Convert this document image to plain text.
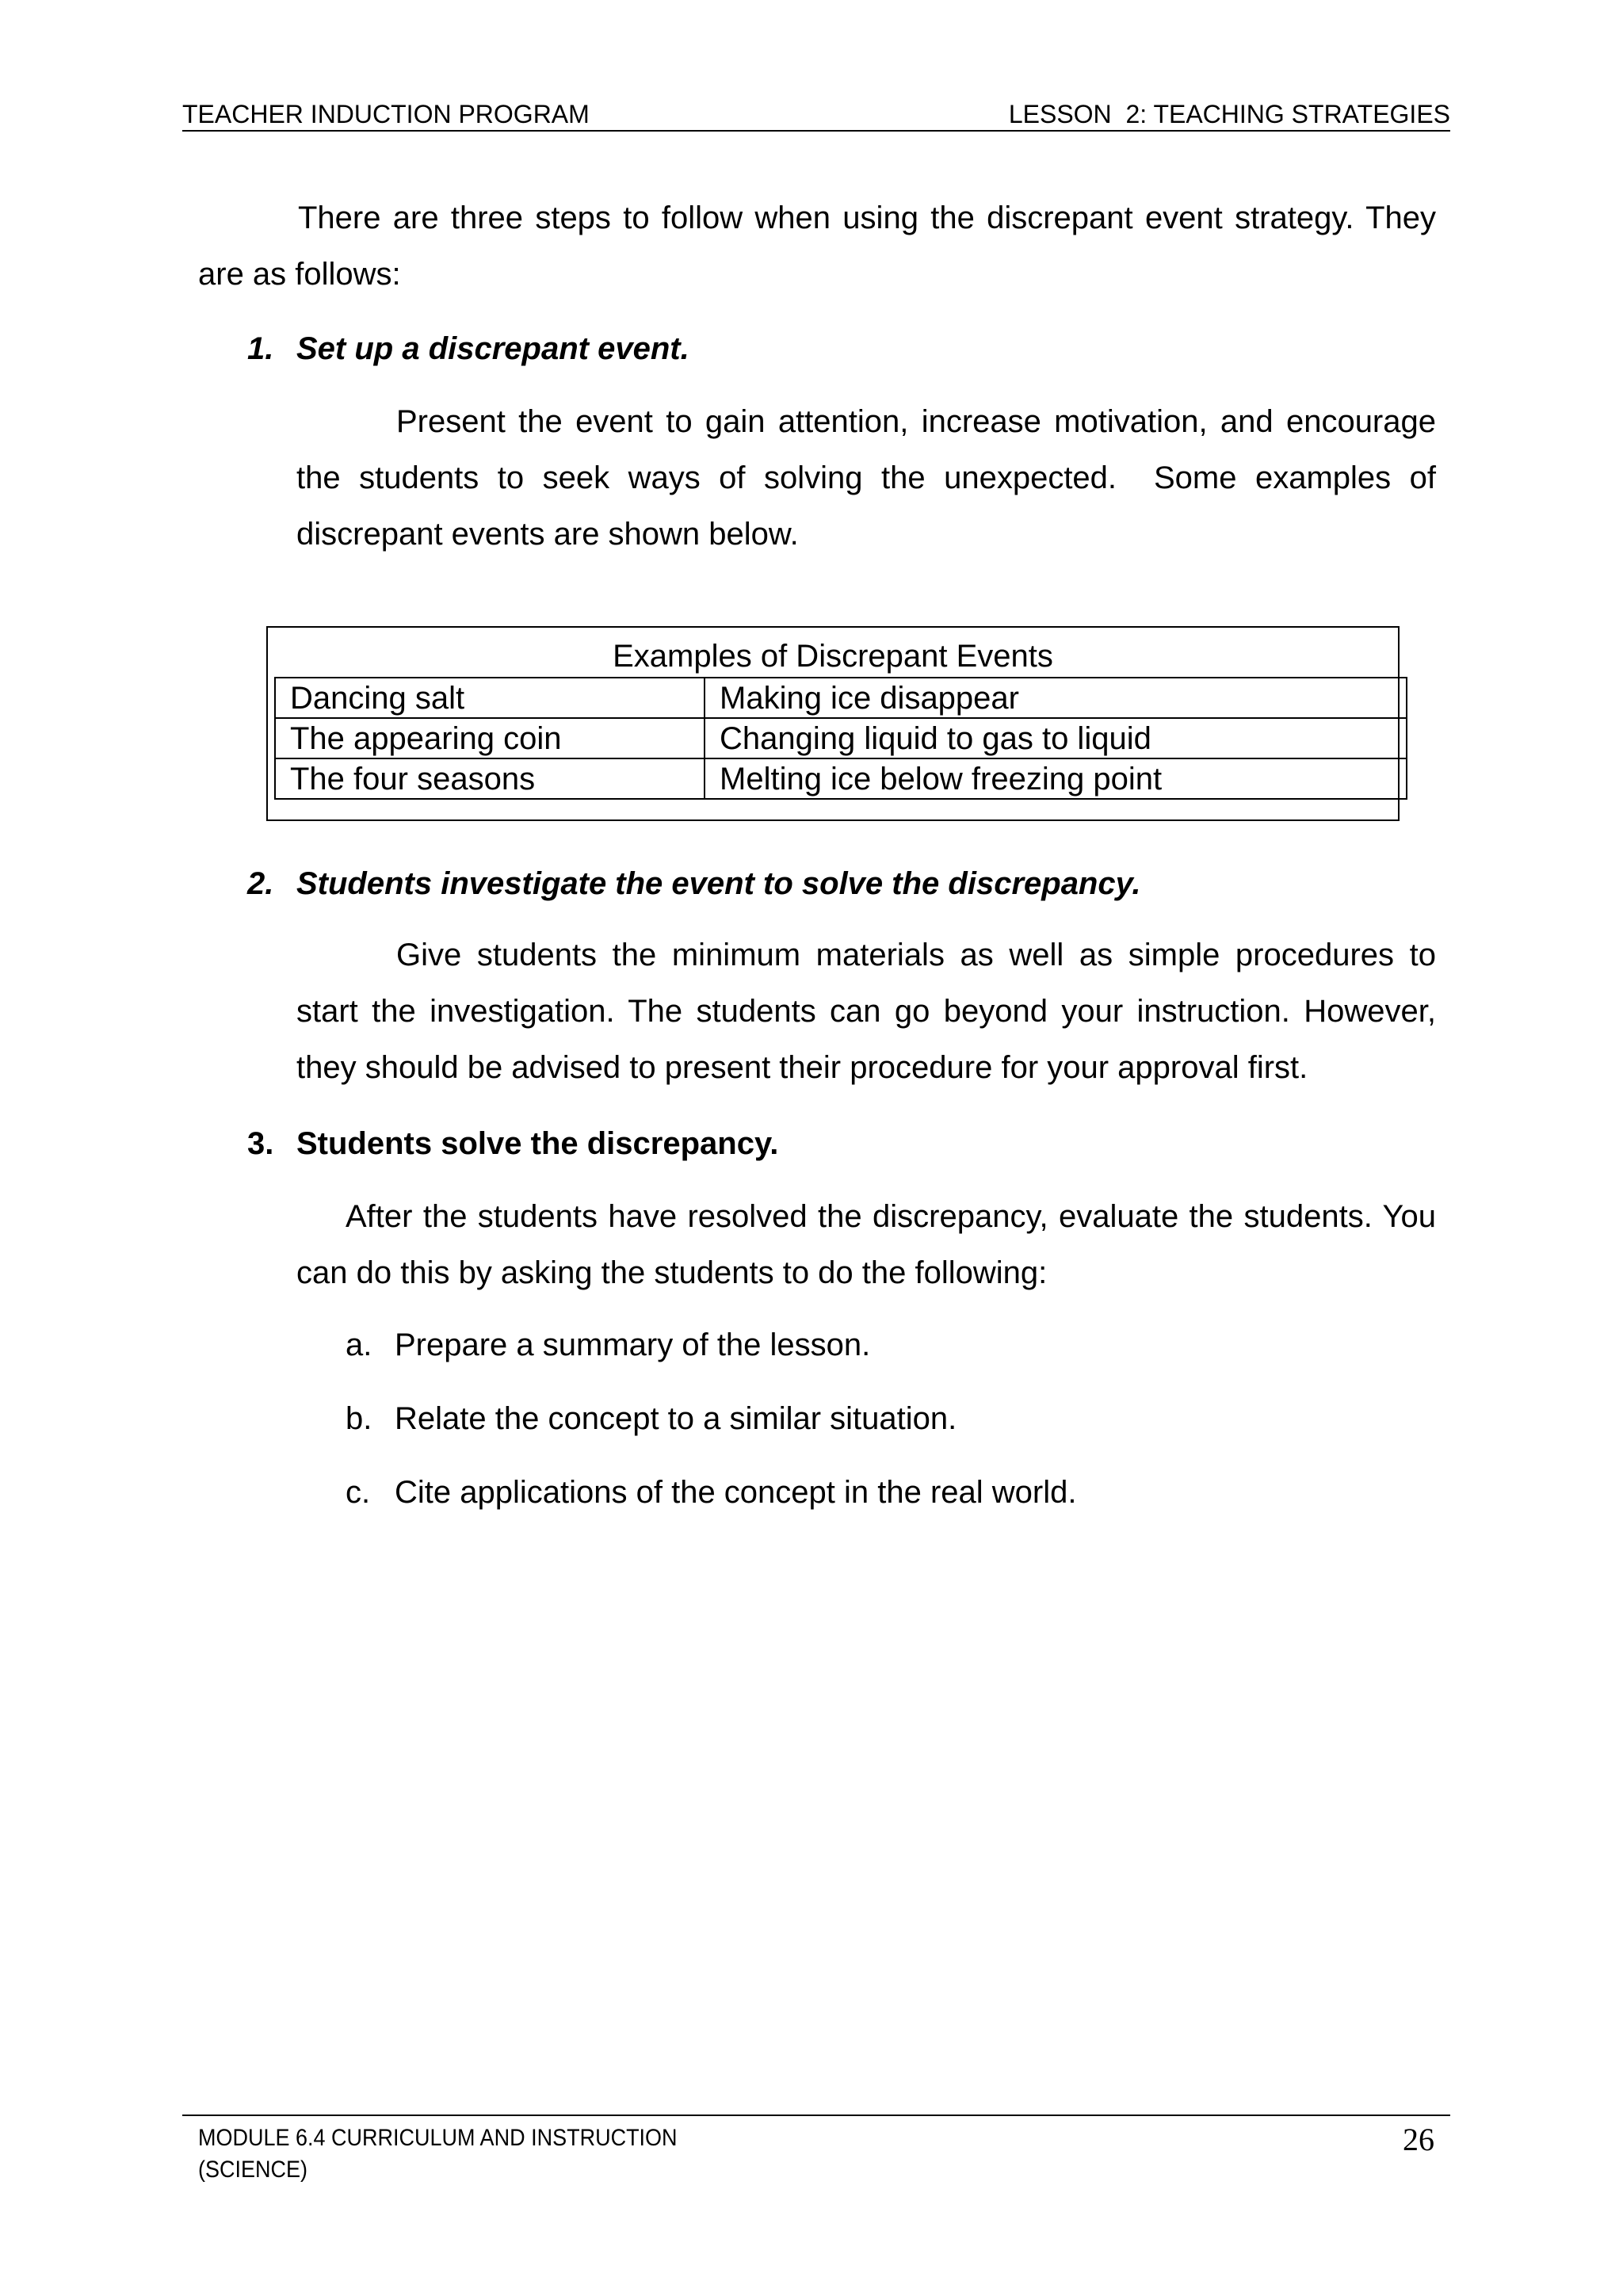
TEACHER INDUCTION PROGRAM	LESSON  2: TEACHING STRATEGIES
There are three steps to follow when using the discrepant event strategy. They are as follows:
1. Set up a discrepant event.
Present the event to gain attention, increase motivation, and encourage the students to seek ways of solving the unexpected.  Some examples of discrepant events are shown below.
Examples of Discrepant Events
Dancing salt	Making ice disappear
The appearing coin	Changing liquid to gas to liquid
The four seasons	Melting ice below freezing point
2. Students investigate the event to solve the discrepancy.
Give students the minimum materials as well as simple procedures to start the investigation. The students can go beyond your instruction. However, they should be advised to present their procedure for your approval first.
3. Students solve the discrepancy.
After the students have resolved the discrepancy, evaluate the students. You can do this by asking the students to do the following:
a. Prepare a summary of the lesson.
b. Relate the concept to a similar situation.
c. Cite applications of the concept in the real world.
MODULE 6.4 CURRICULUM AND INSTRUCTION
(SCIENCE)
26
